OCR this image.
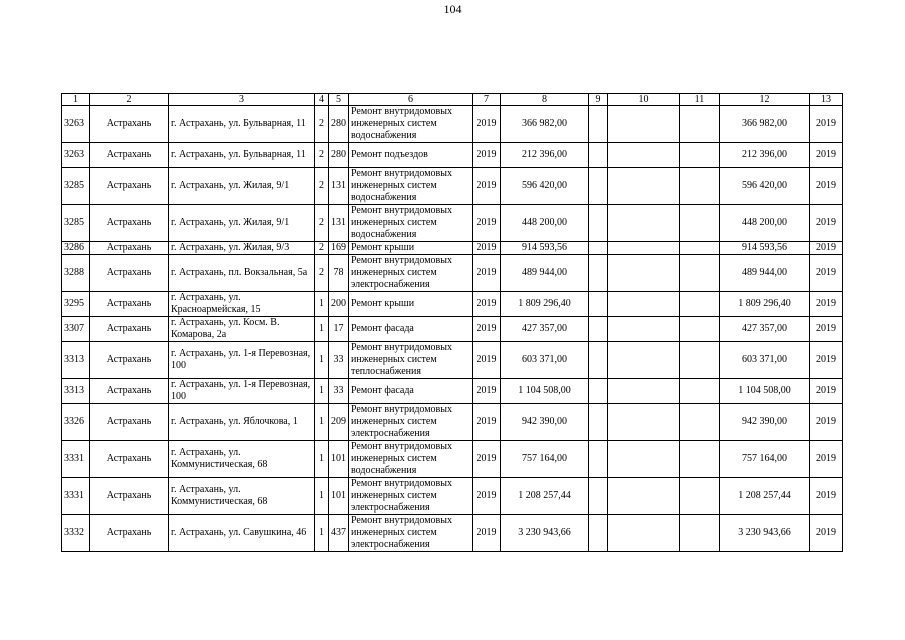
104
1	2	3	4	5	6	7	8	9	10	11	12	13
3263	Астрахань	г. Астрахань, ул. Бульварная, 11	2	280	Ремонт внутридомовых инженерных систем водоснабжения	2019	366 982,00				366 982,00	2019
3263	Астрахань	г. Астрахань, ул. Бульварная, 11	2	280	Ремонт подъездов	2019	212 396,00				212 396,00	2019
3285	Астрахань	г. Астрахань, ул. Жилая, 9/1	2	131	Ремонт внутридомовых инженерных систем водоснабжения	2019	596 420,00				596 420,00	2019
3285	Астрахань	г. Астрахань, ул. Жилая, 9/1	2	131	Ремонт внутридомовых инженерных систем водоснабжения	2019	448 200,00				448 200,00	2019
3286	Астрахань	г. Астрахань, ул. Жилая, 9/3	2	169	Ремонт крыши	2019	914 593,56				914 593,56	2019
3288	Астрахань	г. Астрахань, пл. Вокзальная, 5а	2	78	Ремонт внутридомовых инженерных систем электроснабжения	2019	489 944,00				489 944,00	2019
3295	Астрахань	г. Астрахань, ул. Красноармейская, 15	1	200	Ремонт крыши	2019	1 809 296,40				1 809 296,40	2019
3307	Астрахань	г. Астрахань, ул. Косм. В. Комарова, 2а	1	17	Ремонт фасада	2019	427 357,00				427 357,00	2019
3313	Астрахань	г. Астрахань, ул. 1-я Перевозная, 100	1	33	Ремонт внутридомовых инженерных систем теплоснабжения	2019	603 371,00				603 371,00	2019
3313	Астрахань	г. Астрахань, ул. 1-я Перевозная, 100	1	33	Ремонт фасада	2019	1 104 508,00				1 104 508,00	2019
3326	Астрахань	г. Астрахань, ул. Яблочкова, 1	1	209	Ремонт внутридомовых инженерных систем электроснабжения	2019	942 390,00				942 390,00	2019
3331	Астрахань	г. Астрахань, ул. Коммунистическая, 68	1	101	Ремонт внутридомовых инженерных систем водоснабжения	2019	757 164,00				757 164,00	2019
3331	Астрахань	г. Астрахань, ул. Коммунистическая, 68	1	101	Ремонт внутридомовых инженерных систем электроснабжения	2019	1 208 257,44				1 208 257,44	2019
3332	Астрахань	г. Астрахань, ул. Савушкина, 46	1	437	Ремонт внутридомовых инженерных систем электроснабжения	2019	3 230 943,66				3 230 943,66	2019
